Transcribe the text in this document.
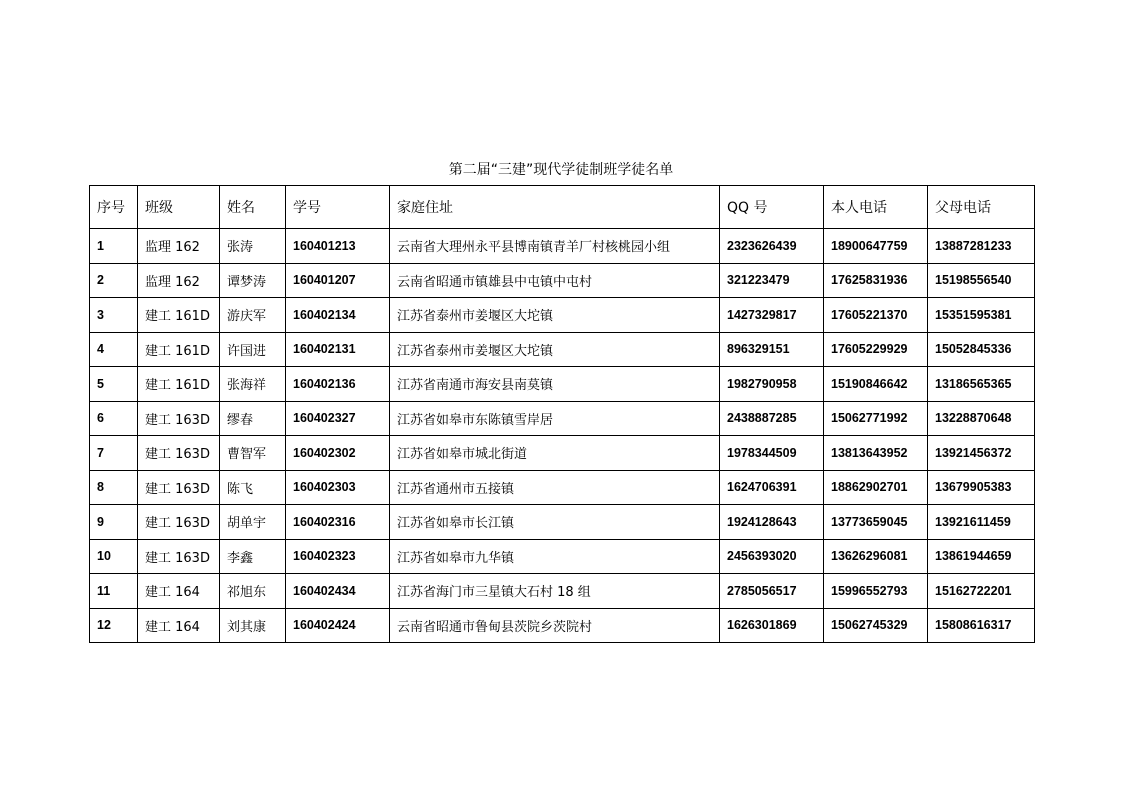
第二届“三建”现代学徒制班学徒名单
序号	班级	姓名	学号	家庭住址	QQ 号	本人电话	父母电话
1	监理 162	张涛	160401213	云南省大理州永平县博南镇青羊厂村核桃园小组	2323626439	18900647759	13887281233
2	监理 162	谭梦涛	160401207	云南省昭通市镇雄县中屯镇中屯村	321223479	17625831936	15198556540
3	建工 161D	游庆军	160402134	江苏省泰州市姜堰区大坨镇	1427329817	17605221370	15351595381
4	建工 161D	许国进	160402131	江苏省泰州市姜堰区大坨镇	896329151	17605229929	15052845336
5	建工 161D	张海祥	160402136	江苏省南通市海安县南莫镇	1982790958	15190846642	13186565365
6	建工 163D	缪春	160402327	江苏省如皋市东陈镇雪岸居	2438887285	15062771992	13228870648
7	建工 163D	曹智军	160402302	江苏省如皋市城北街道	1978344509	13813643952	13921456372
8	建工 163D	陈飞	160402303	江苏省通州市五接镇	1624706391	18862902701	13679905383
9	建工 163D	胡单宇	160402316	江苏省如皋市长江镇	1924128643	13773659045	13921611459
10	建工 163D	李鑫	160402323	江苏省如皋市九华镇	2456393020	13626296081	13861944659
11	建工 164	祁旭东	160402434	江苏省海门市三星镇大石村 18 组	2785056517	15996552793	15162722201
12	建工 164	刘其康	160402424	云南省昭通市鲁甸县茨院乡茨院村	1626301869	15062745329	15808616317
